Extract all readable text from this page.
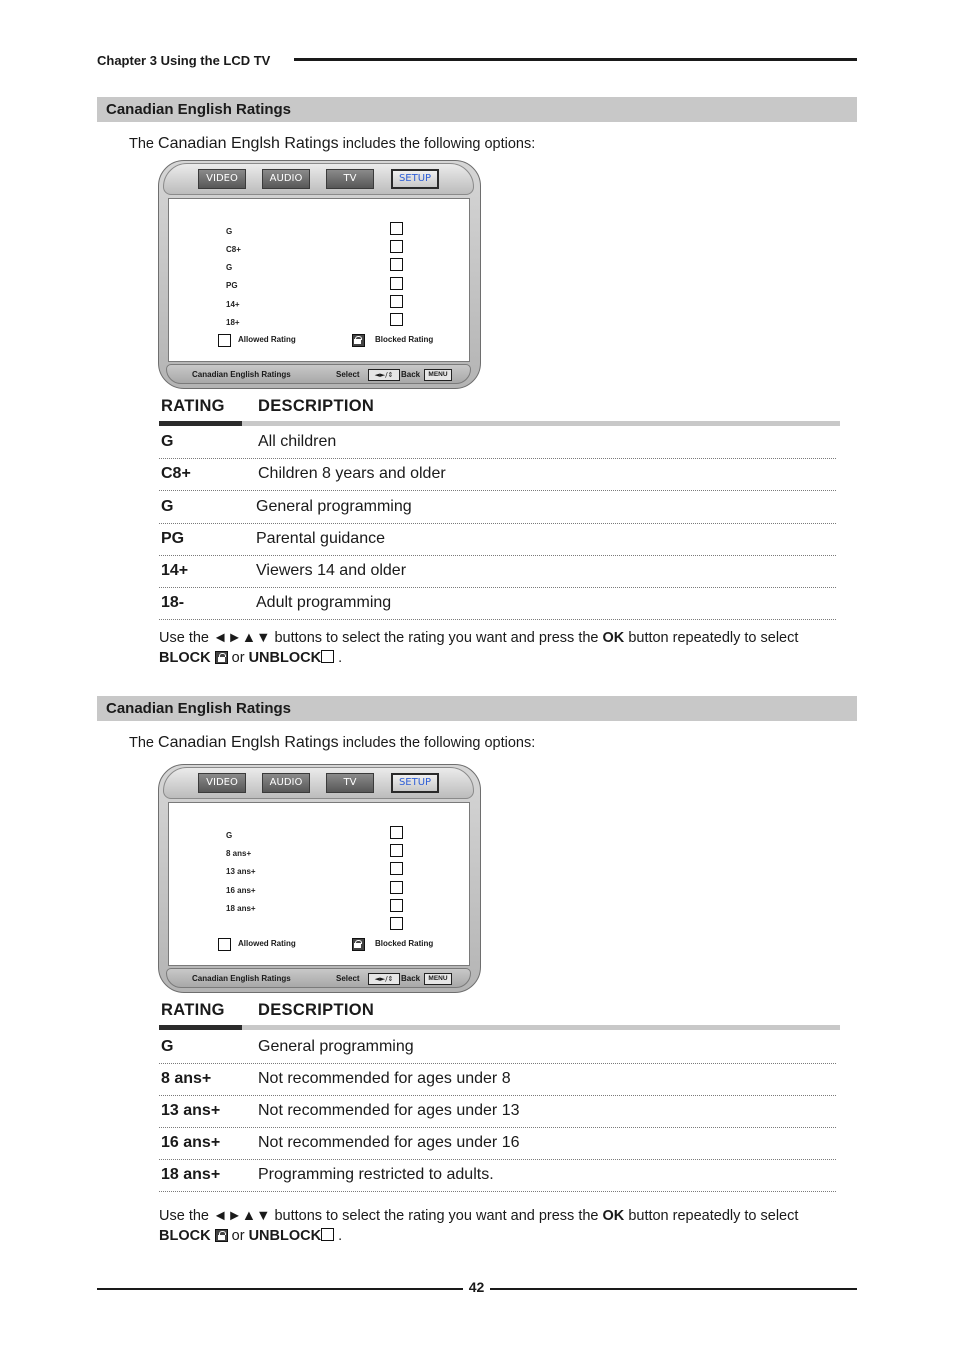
Chapter 3 Using the LCD TV
Canadian English Ratings
The Canadian Englsh Ratings includes the following options:
VIDEO	AUDIO	TV	SETUP
G
C8+
G
PG
14+
18+
Allowed Rating	Blocked Rating
Canadian English Ratings	Select	◄►/⇕ Back	MENU
RATING DESCRIPTION
G	All children
C8+	Children 8 years and older
G	General programming
PG	Parental guidance
14+	Viewers 14 and older
18-	Adult programming
Use the ◄►▲▼ buttons to select the rating you want and press the OK button repeatedly to select BLOCK or UNBLOCK .
Canadian English Ratings
The Canadian Englsh Ratings includes the following options:
VIDEO	AUDIO	TV	SETUP
G
8 ans+
13 ans+
16 ans+
18 ans+
Allowed Rating	Blocked Rating
Canadian English Ratings	Select	◄►/⇕ Back	MENU
RATING DESCRIPTION
G	General programming
8 ans+	Not recommended for ages under 8
13 ans+ Not recommended for ages under 13
16 ans+ Not recommended for ages under 16
18 ans+ Programming restricted to adults.
Use the ◄►▲▼ buttons to select the rating you want and press the OK button repeatedly to select BLOCK or UNBLOCK .
42
